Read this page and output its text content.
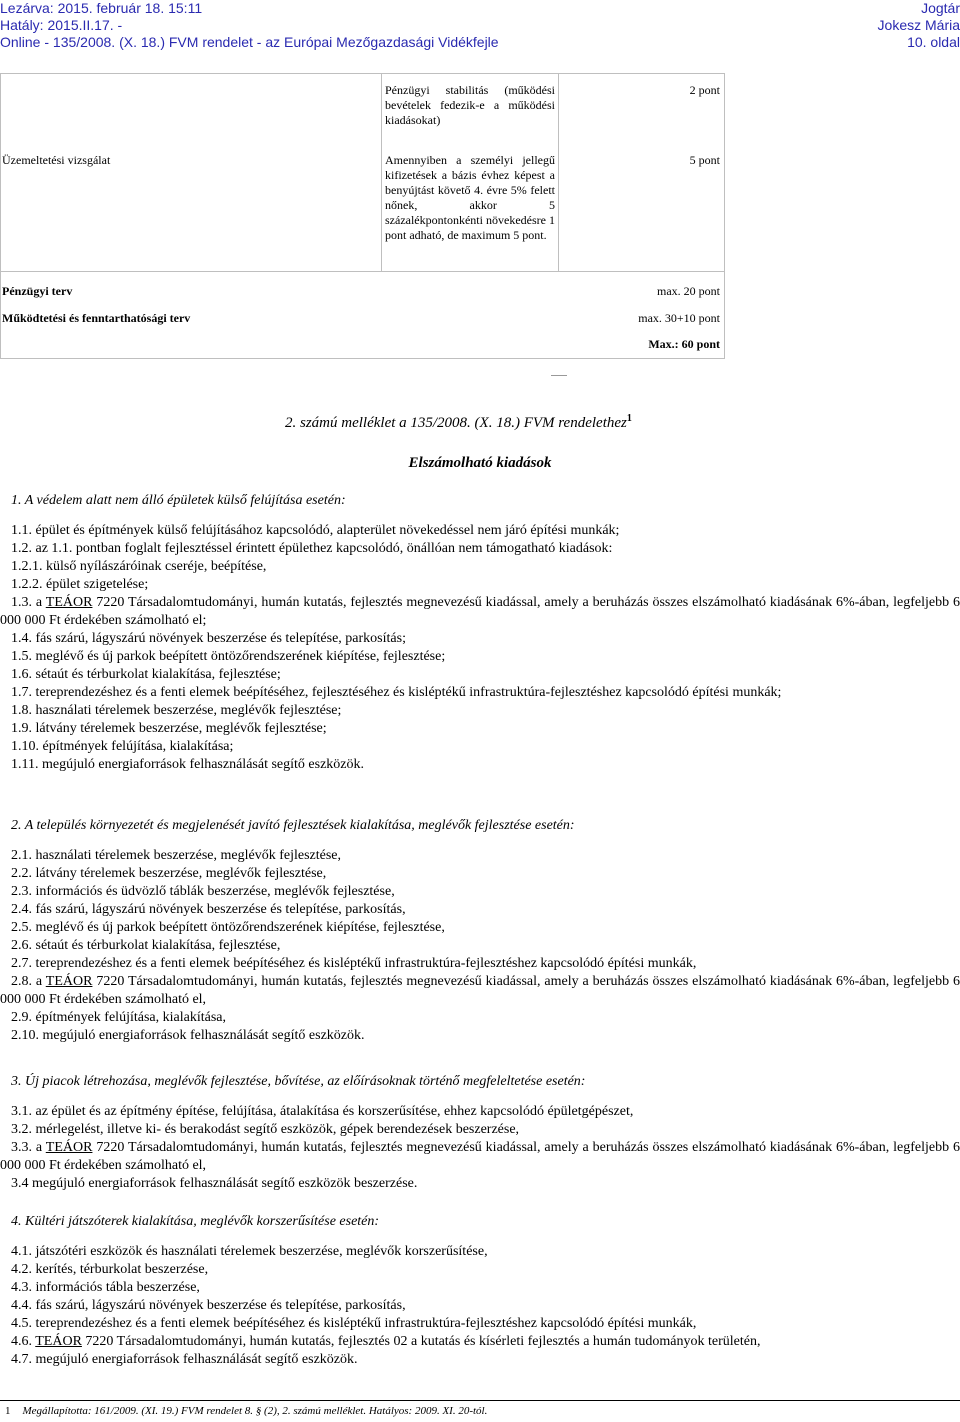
Lezárva: 2015. február 18. 15:11
Hatály: 2015.II.17. -
Online - 135/2008. (X. 18.) FVM rendelet - az Európai Mezőgazdasági Vidékfejle
Jogtár
Jokesz Mária
10. oldal
Üzemeltetési vizsgálat
Pénzügyi stabilitás (működési bevételek fedezik-e a működési kiadásokat)
2 pont
Amennyiben a személyi jellegű kifizetések a bázis évhez képest a benyújtást követő 4. évre 5% felett nőnek, akkor 5 százalékpontonkénti növekedésre 1 pont adható, de maximum 5 pont.
5 pont
Pénzügyi terv	max. 20 pont
Működtetési és fenntarthatósági terv	max. 30+10 pont
Max.: 60 pont
2. számú melléklet a 135/2008. (X. 18.) FVM rendelethez$^1$
Elszámolható kiadások
1. A védelem alatt nem álló épületek külső felújítása esetén:
1.1. épület és építmények külső felújításához kapcsolódó, alapterület növekedéssel nem járó építési munkák;
1.2. az 1.1. pontban foglalt fejlesztéssel érintett épülethez kapcsolódó, önállóan nem támogatható kiadások:
1.2.1. külső nyílászáróinak cseréje, beépítése,
1.2.2. épület szigetelése;
1.3. a TEÁOR 7220 Társadalomtudományi, humán kutatás, fejlesztés megnevezésű kiadással, amely a beruházás összes elszámolható kiadásának 6%-ában, legfeljebb 6 000 000 Ft érdekében számolható el;
1.4. fás szárú, lágyszárú növények beszerzése és telepítése, parkosítás;
1.5. meglévő és új parkok beépített öntözőrendszerének kiépítése, fejlesztése;
1.6. sétaút és térburkolat kialakítása, fejlesztése;
1.7. tereprendezéshez és a fenti elemek beépítéséhez, fejlesztéséhez és kisléptékű infrastruktúra-fejlesztéshez kapcsolódó építési munkák;
1.8. használati térelemek beszerzése, meglévők fejlesztése;
1.9. látvány térelemek beszerzése, meglévők fejlesztése;
1.10. építmények felújítása, kialakítása;
1.11. megújuló energiaforrások felhasználását segítő eszközök.
2. A település környezetét és megjelenését javító fejlesztések kialakítása, meglévők fejlesztése esetén:
2.1. használati térelemek beszerzése, meglévők fejlesztése,
2.2. látvány térelemek beszerzése, meglévők fejlesztése,
2.3. információs és üdvözlő táblák beszerzése, meglévők fejlesztése,
2.4. fás szárú, lágyszárú növények beszerzése és telepítése, parkosítás,
2.5. meglévő és új parkok beépített öntözőrendszerének kiépítése, fejlesztése,
2.6. sétaút és térburkolat kialakítása, fejlesztése,
2.7. tereprendezéshez és a fenti elemek beépítéséhez és kisléptékű infrastruktúra-fejlesztéshez kapcsolódó építési munkák,
2.8. a TEÁOR 7220 Társadalomtudományi, humán kutatás, fejlesztés megnevezésű kiadással, amely a beruházás összes elszámolható kiadásának 6%-ában, legfeljebb 6 000 000 Ft érdekében számolható el,
2.9. építmények felújítása, kialakítása,
2.10. megújuló energiaforrások felhasználását segítő eszközök.
3. Új piacok létrehozása, meglévők fejlesztése, bővítése, az előírásoknak történő megfeleltetése esetén:
3.1. az épület és az építmény építése, felújítása, átalakítása és korszerűsítése, ehhez kapcsolódó épületgépészet,
3.2. mérlegelést, illetve ki- és berakodást segítő eszközök, gépek berendezések beszerzése,
3.3. a TEÁOR 7220 Társadalomtudományi, humán kutatás, fejlesztés megnevezésű kiadással, amely a beruházás összes elszámolható kiadásának 6%-ában, legfeljebb 6 000 000 Ft érdekében számolható el,
3.4 megújuló energiaforrások felhasználását segítő eszközök beszerzése.
4. Kültéri játszóterek kialakítása, meglévők korszerűsítése esetén:
4.1. játszótéri eszközök és használati térelemek beszerzése, meglévők korszerűsítése,
4.2. kerítés, térburkolat beszerzése,
4.3. információs tábla beszerzése,
4.4. fás szárú, lágyszárú növények beszerzése és telepítése, parkosítás,
4.5. tereprendezéshez és a fenti elemek beépítéséhez és kisléptékű infrastruktúra-fejlesztéshez kapcsolódó építési munkák,
4.6. TEÁOR 7220 Társadalomtudományi, humán kutatás, fejlesztés 02 a kutatás és kísérleti fejlesztés a humán tudományok területén,
4.7. megújuló energiaforrások felhasználását segítő eszközök.
1 Megállapította: 161/2009. (XI. 19.) FVM rendelet 8. § (2), 2. számú melléklet. Hatályos: 2009. XI. 20-tól.
